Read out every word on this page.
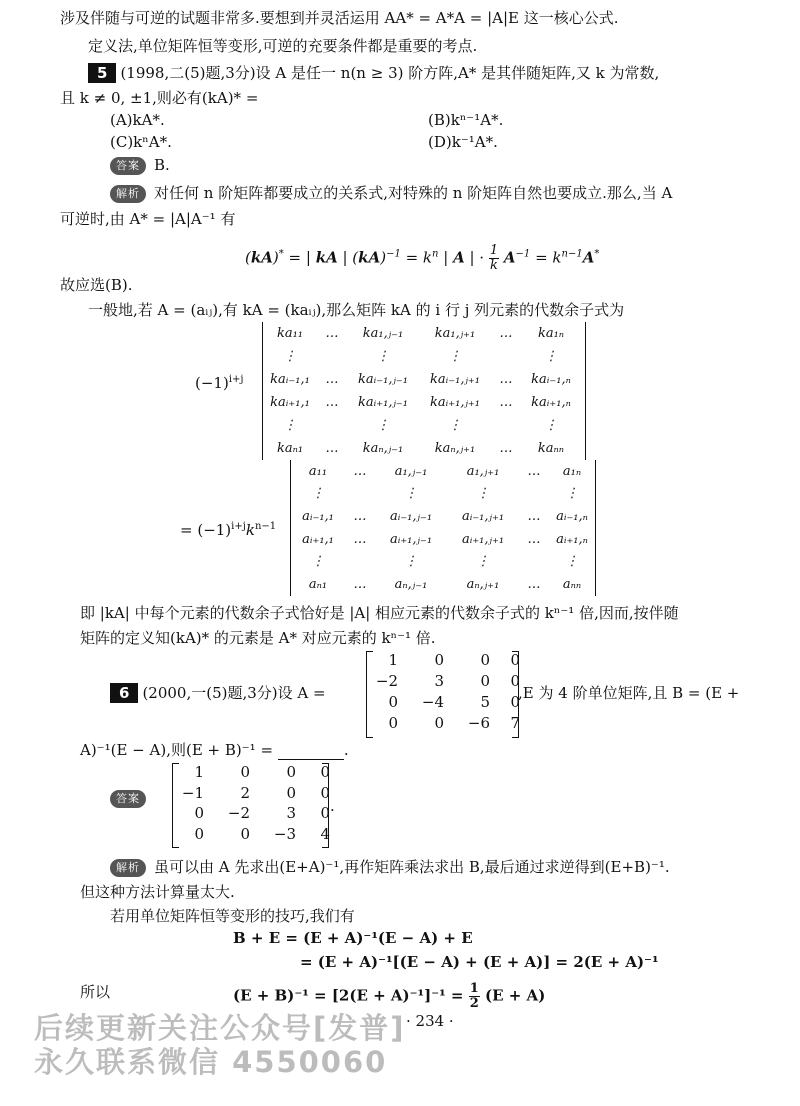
涉及伴随与可逆的试题非常多.要想到并灵活运用 AA* = A*A = |A|E 这一核心公式.
定义法,单位矩阵恒等变形,可逆的充要条件都是重要的考点.
5 (1998,二(5)题,3分)设 A 是任一 n(n ≥ 3) 阶方阵,A* 是其伴随矩阵,又 k 为常数,
且 k ≠ 0, ±1,则必有(kA)* =
(A)kA*.	(B)kⁿ⁻¹A*.
(C)kⁿA*.	(D)k⁻¹A*.
答案 B.
解析 对任何 n 阶矩阵都要成立的关系式,对特殊的 n 阶矩阵自然也要成立.那么,当 A
可逆时,由 A* = |A|A⁻¹ 有
(kA)* = | kA | $(kA)^{-1} = k^n$ | A | · $\frac{1}{k} A^{-1} = k^{n-1}A^*$
故应选(B).
一般地,若 A = (aᵢⱼ),有 kA = (kaᵢⱼ),那么矩阵 kA 的 i 行 j 列元素的代数余子式为
$(-1)^{i+j}$
ka₁₁	…	ka₁,ⱼ₋₁	ka₁,ⱼ₊₁	…	ka₁ₙ
⋮	⋮	⋮	⋮
kaᵢ₋₁,₁	…	kaᵢ₋₁,ⱼ₋₁	kaᵢ₋₁,ⱼ₊₁	…	kaᵢ₋₁,ₙ
kaᵢ₊₁,₁	…	kaᵢ₊₁,ⱼ₋₁	kaᵢ₊₁,ⱼ₊₁	…	kaᵢ₊₁,ₙ
⋮	⋮	⋮	⋮
kaₙ₁	…	kaₙ,ⱼ₋₁	kaₙ,ⱼ₊₁	…	kaₙₙ
= $(-1)^{i+j}k^{n-1}$
a₁₁	…	a₁,ⱼ₋₁	a₁,ⱼ₊₁	…	a₁ₙ
⋮	⋮	⋮	⋮
aᵢ₋₁,₁	…	aᵢ₋₁,ⱼ₋₁	aᵢ₋₁,ⱼ₊₁	…	aᵢ₋₁,ₙ
aᵢ₊₁,₁	…	aᵢ₊₁,ⱼ₋₁	aᵢ₊₁,ⱼ₊₁	…	aᵢ₊₁,ₙ
⋮	⋮	⋮	⋮
aₙ₁	…	aₙ,ⱼ₋₁	aₙ,ⱼ₊₁	…	aₙₙ
即 |kA| 中每个元素的代数余子式恰好是 |A| 相应元素的代数余子式的 kⁿ⁻¹ 倍,因而,按伴随
矩阵的定义知(kA)* 的元素是 A* 对应元素的 kⁿ⁻¹ 倍.
6 (2000,一(5)题,3分)设 A =
1	0	0	0
−2	3	0	0
0	−4	5	0
0	0	−6	7
,E 为 4 阶单位矩阵,且 B = (E +
A)⁻¹(E − A),则(E + B)⁻¹ =	.
答案
1	0	0	0
−1	2	0	0
0	−2	3	0
0	0	−3	4
.
解析 虽可以由 A 先求出(E+A)⁻¹,再作矩阵乘法求出 B,最后通过求逆得到(E+B)⁻¹.
但这种方法计算量太大.
若用单位矩阵恒等变形的技巧,我们有
B + E = (E + A)⁻¹(E − A) + E
= (E + A)⁻¹[(E − A) + (E + A)] = 2(E + A)⁻¹
所以	$(E + B)^{-1} = [2(E + A)^{-1}]^{-1} = \frac{1}{2} (E + A)$
后续更新关注公众号[发普] · 234 ·
永久联系微信 4550060
